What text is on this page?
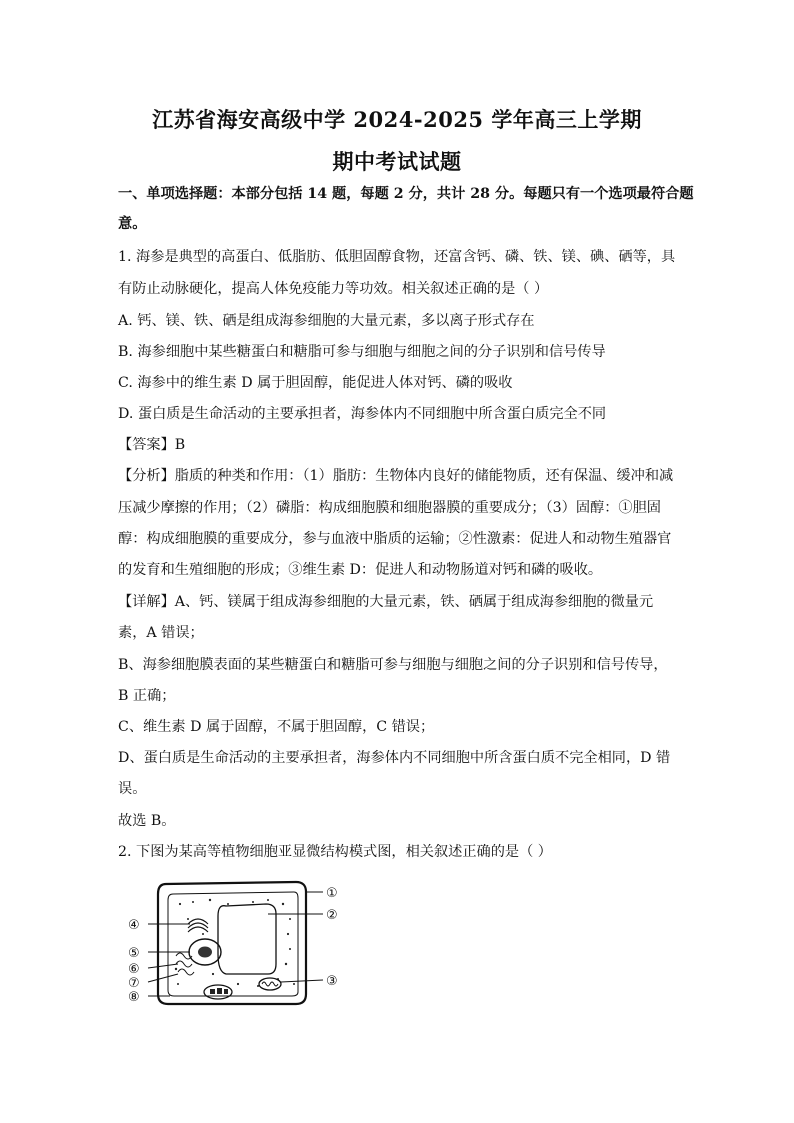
江苏省海安高级中学 2024-2025 学年高三上学期
期中考试试题
一、单项选择题：本部分包括 14 题，每题 2 分，共计 28 分。每题只有一个选项最符合题
意。
1. 海参是典型的高蛋白、低脂肪、低胆固醇食物，还富含钙、磷、铁、镁、碘、硒等，具
有防止动脉硬化，提高人体免疫能力等功效。相关叙述正确的是（ ）
A. 钙、镁、铁、硒是组成海参细胞的大量元素，多以离子形式存在
B. 海参细胞中某些糖蛋白和糖脂可参与细胞与细胞之间的分子识别和信号传导
C. 海参中的维生素 D 属于胆固醇，能促进人体对钙、磷的吸收
D. 蛋白质是生命活动的主要承担者，海参体内不同细胞中所含蛋白质完全不同
【答案】B
【分析】脂质的种类和作用：（1）脂肪：生物体内良好的储能物质，还有保温、缓冲和减
压减少摩擦的作用；（2）磷脂：构成细胞膜和细胞器膜的重要成分；（3）固醇：①胆固
醇：构成细胞膜的重要成分，参与血液中脂质的运输；②性激素：促进人和动物生殖器官
的发育和生殖细胞的形成；③维生素 D：促进人和动物肠道对钙和磷的吸收。
【详解】A、钙、镁属于组成海参细胞的大量元素，铁、硒属于组成海参细胞的微量元
素，A 错误；
B、海参细胞膜表面的某些糖蛋白和糖脂可参与细胞与细胞之间的分子识别和信号传导，
B 正确；
C、维生素 D 属于固醇，不属于胆固醇，C 错误；
D、蛋白质是生命活动的主要承担者，海参体内不同细胞中所含蛋白质不完全相同，D 错
误。
故选 B。
2. 下图为某高等植物细胞亚显微结构模式图，相关叙述正确的是（ ）
①
②
③
④
⑤
⑥
⑦
⑧
